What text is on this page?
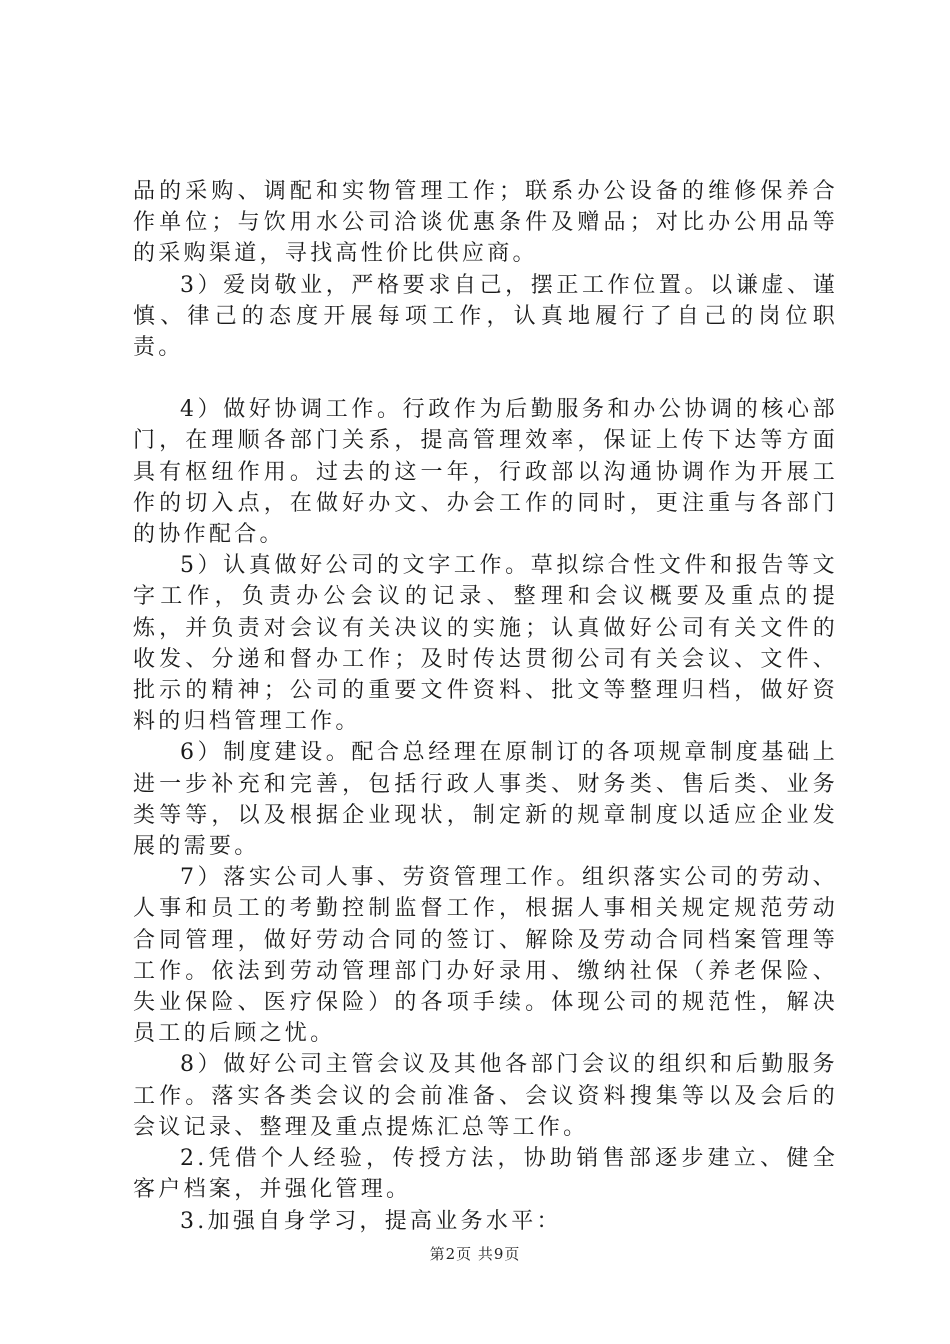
品的采购、调配和实物管理工作；联系办公设备的维修保养合作单位；与饮用水公司洽谈优惠条件及赠品；对比办公用品等的采购渠道，寻找高性价比供应商。

3）爱岗敬业，严格要求自己，摆正工作位置。以谦虚、谨慎、律己的态度开展每项工作，认真地履行了自己的岗位职责。

4）做好协调工作。行政作为后勤服务和办公协调的核心部门，在理顺各部门关系，提高管理效率，保证上传下达等方面具有枢纽作用。过去的这一年，行政部以沟通协调作为开展工作的切入点，在做好办文、办会工作的同时，更注重与各部门的协作配合。

5）认真做好公司的文字工作。草拟综合性文件和报告等文字工作，负责办公会议的记录、整理和会议概要及重点的提炼，并负责对会议有关决议的实施；认真做好公司有关文件的收发、分递和督办工作；及时传达贯彻公司有关会议、文件、批示的精神；公司的重要文件资料、批文等整理归档，做好资料的归档管理工作。

6）制度建设。配合总经理在原制订的各项规章制度基础上进一步补充和完善，包括行政人事类、财务类、售后类、业务类等等，以及根据企业现状，制定新的规章制度以适应企业发展的需要。

7）落实公司人事、劳资管理工作。组织落实公司的劳动、人事和员工的考勤控制监督工作，根据人事相关规定规范劳动合同管理，做好劳动合同的签订、解除及劳动合同档案管理等工作。依法到劳动管理部门办好录用、缴纳社保（养老保险、失业保险、医疗保险）的各项手续。体现公司的规范性，解决员工的后顾之忧。

8）做好公司主管会议及其他各部门会议的组织和后勤服务工作。落实各类会议的会前准备、会议资料搜集等以及会后的会议记录、整理及重点提炼汇总等工作。

2.凭借个人经验，传授方法，协助销售部逐步建立、健全客户档案，并强化管理。

3.加强自身学习，提高业务水平：

第2页 共9页
